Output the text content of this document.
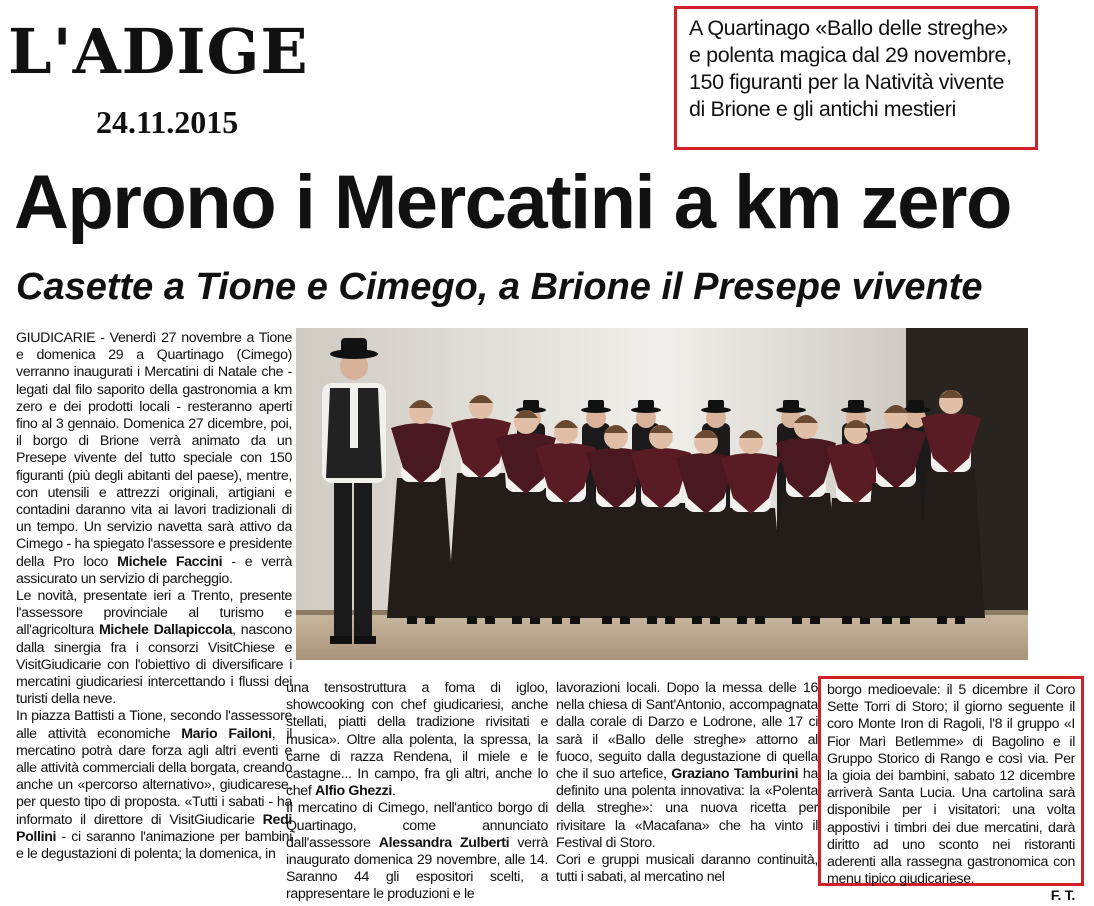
L'ADIGE
24.11.2015
A Quartinago «Ballo delle streghe»
e polenta magica dal 29 novembre,
150 figuranti per la Natività vivente
di Brione e gli antichi mestieri
Aprono i Mercatini a km zero
Casette a Tione e Cimego, a Brione il Presepe vivente

GIUDICARIE - Venerdì 27 novembre a Tione e domenica 29 a Quartinago (Cimego) verranno inaugurati i Mercatini di Natale che - legati dal filo saporito della gastronomia a km zero e dei prodotti locali - resteranno aperti fino al 3 gennaio. Domenica 27 dicembre, poi, il borgo di Brione verrà animato da un Presepe vivente del tutto speciale con 150 figuranti (più degli abitanti del paese), mentre, con utensili e attrezzi originali, artigiani e contadini daranno vita ai lavori tradizionali di un tempo. Un servizio navetta sarà attivo da Cimego - ha spiegato l'assessore e presidente della Pro loco Michele Faccini - e verrà assicurato un servizio di parcheggio.

Le novità, presentate ieri a Trento, presente l'assessore provinciale al turismo e all'agricoltura Michele Dallapiccola, nascono dalla sinergia fra i consorzi VisitChiese e VisitGiudicarie con l'obiettivo di diversificare i mercatini giudicariesi intercettando i flussi dei turisti della neve.

In piazza Battisti a Tione, secondo l'assessore alle attività economiche Mario Failoni, il mercatino potrà dare forza agli altri eventi e alle attività commerciali della borgata, creando anche un «percorso alternativo», giudicarese, per questo tipo di proposta. «Tutti i sabati - ha informato il direttore di VisitGiudicarie Redi Pollini - ci saranno l'animazione per bambini e le degustazioni di polenta; la domenica, in

una tensostruttura a foma di igloo, showcooking con chef giudicariesi, anche stellati, piatti della tradizione rivisitati e musica». Oltre alla polenta, la spressa, la carne di razza Rendena, il miele e le castagne... In campo, fra gli altri, anche lo chef Alfio Ghezzi.

Il mercatino di Cimego, nell'antico borgo di Quartinago, come annunciato dall'assessore Alessandra Zulberti verrà inaugurato domenica 29 novembre, alle 14. Saranno 44 gli espositori scelti, a rappresentare le produzioni e le

lavorazioni locali. Dopo la messa delle 16 nella chiesa di Sant'Antonio, accompagnata dalla corale di Darzo e Lodrone, alle 17 ci sarà il «Ballo delle streghe» attorno al fuoco, seguito dalla degustazione di quella che il suo artefice, Graziano Tamburini ha definito una polenta innovativa: la «Polenta della streghe»: una nuova ricetta per rivisitare la «Macafana» che ha vinto il Festival di Storo.

Cori e gruppi musicali daranno continuità, tutti i sabati, al mercatino nel

borgo medioevale: il 5 dicembre il Coro Sette Torri di Storo; il giorno seguente il coro Monte Iron di Ragoli, l'8 il gruppo «I Fior Marì Betlemme» di Bagolino e il Gruppo Storico di Rango e così via. Per la gioia dei bambini, sabato 12 dicembre arriverà Santa Lucia. Una cartolina sarà disponibile per i visitatori: una volta appostivi i timbri dei due mercatini, darà diritto ad uno sconto nei ristoranti aderenti alla rassegna gastronomica con menu tipico giudicariese.

F. T.
